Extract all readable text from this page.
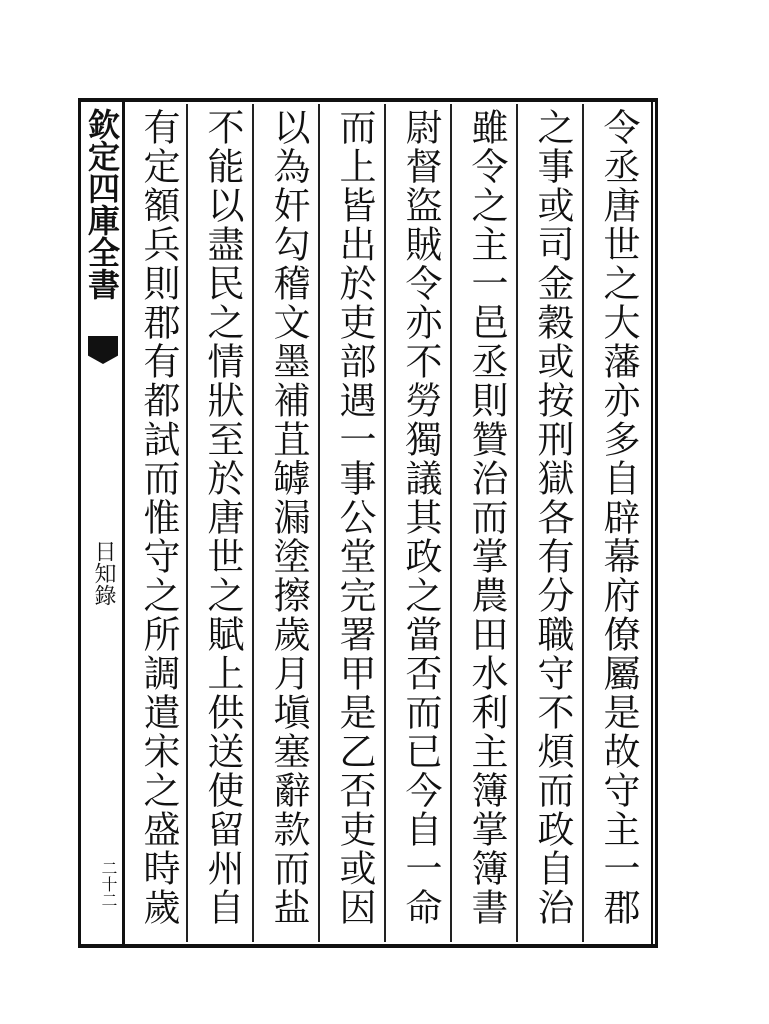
欽定四庫全書
日知錄
二十二	令丞唐世之大藩亦多自辟幕府僚屬是故守主一郡
之事或司金穀或按刑獄各有分職守不煩而政自治
雖令之主一邑丞則贊治而掌農田水利主簿掌簿書
尉督盜賊令亦不勞獨議其政之當否而已今自一命
而上皆出於吏部遇一事公堂完署甲是乙否吏或因
以為奸勾稽文墨補苴罅漏塗擦歲月塡塞辭款而盐
不能以盡民之情狀至於唐世之賦上供送使留州自
有定額兵則郡有都試而惟守之所調遣宋之盛時歲
